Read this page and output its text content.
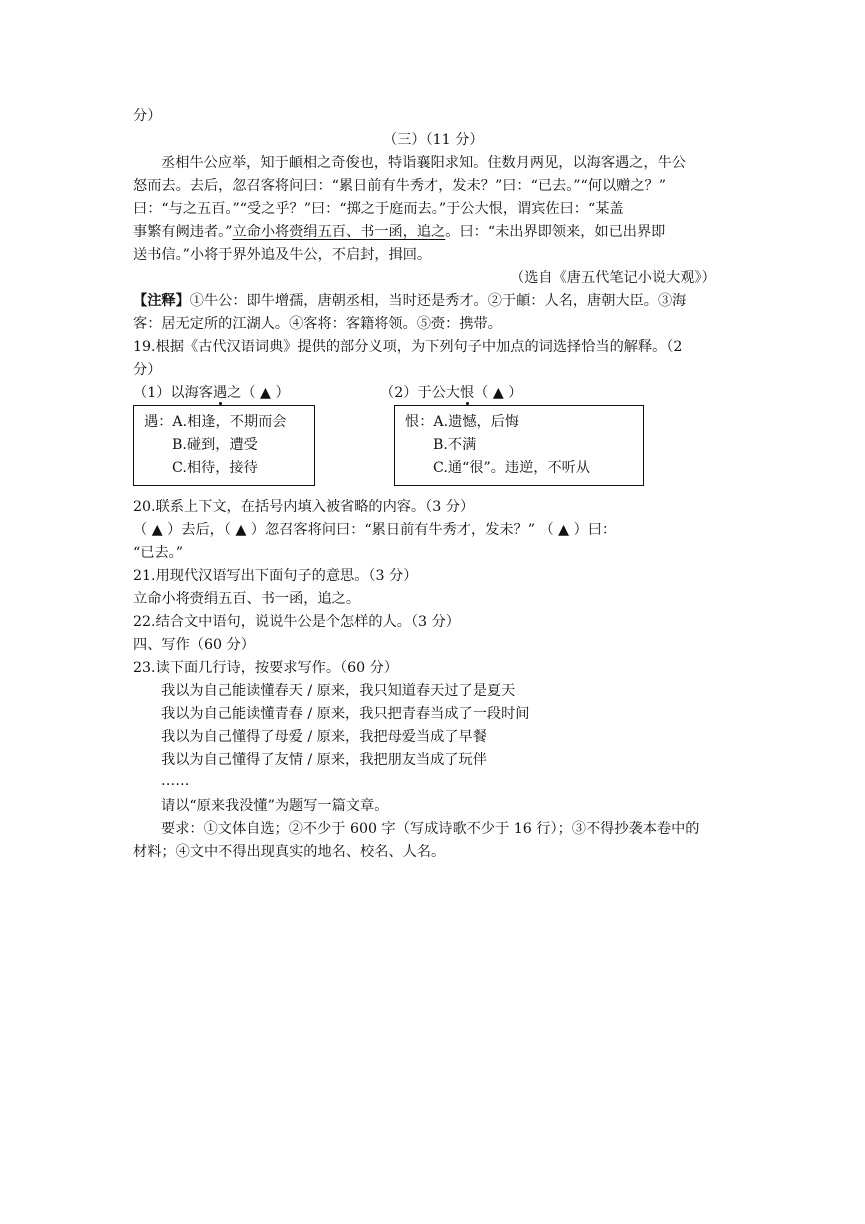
分）
（三）（11 分）
丞相牛公应举，知于頔相之奇俊也，特诣襄阳求知。住数月两见，以海客遇之，牛公
怒而去。去后，忽召客将问曰：“累日前有牛秀才，发未？”曰：“已去。”“何以赠之？”
曰：“与之五百。”“受之乎？”曰：“掷之于庭而去。”于公大恨，谓宾佐曰：“某盖
事繁有阙违者。”立命小将赍绢五百、书一函，追之。曰：“未出界即领来，如已出界即
送书信。”小将于界外追及牛公，不启封，揖回。
（选自《唐五代笔记小说大观》）
【注释】①牛公：即牛增孺，唐朝丞相，当时还是秀才。②于頔：人名，唐朝大臣。③海
客：居无定所的江湖人。④客将：客籍将领。⑤赍：携带。
19.根据《古代汉语词典》提供的部分义项，为下列句子中加点的词选择恰当的解释。（2
分）
（1）以海客遇之（ ▲ ）	（2）于公大恨（ ▲ ）
遇：A.相逢，不期而会
B.碰到，遭受
C.相待，接待
恨：A.遗憾，后悔
B.不满
C.通“很”。违逆，不听从
20.联系上下文，在括号内填入被省略的内容。（3 分）
（ ▲ ）去后，（ ▲ ）忽召客将问曰：“累日前有牛秀才，发未？” （ ▲ ）曰：
“已去。”
21.用现代汉语写出下面句子的意思。（3 分）
立命小将赍绢五百、书一函，追之。
22.结合文中语句，说说牛公是个怎样的人。（3 分）
四、写作（60 分）
23.读下面几行诗，按要求写作。（60 分）
我以为自己能读懂春天 / 原来，我只知道春天过了是夏天
我以为自己能读懂青春 / 原来，我只把青春当成了一段时间
我以为自己懂得了母爱 / 原来，我把母爱当成了早餐
我以为自己懂得了友情 / 原来，我把朋友当成了玩伴
……
请以“原来我没懂”为题写一篇文章。
要求：①文体自选；②不少于 600 字（写成诗歌不少于 16 行）；③不得抄袭本卷中的
材料；④文中不得出现真实的地名、校名、人名。
